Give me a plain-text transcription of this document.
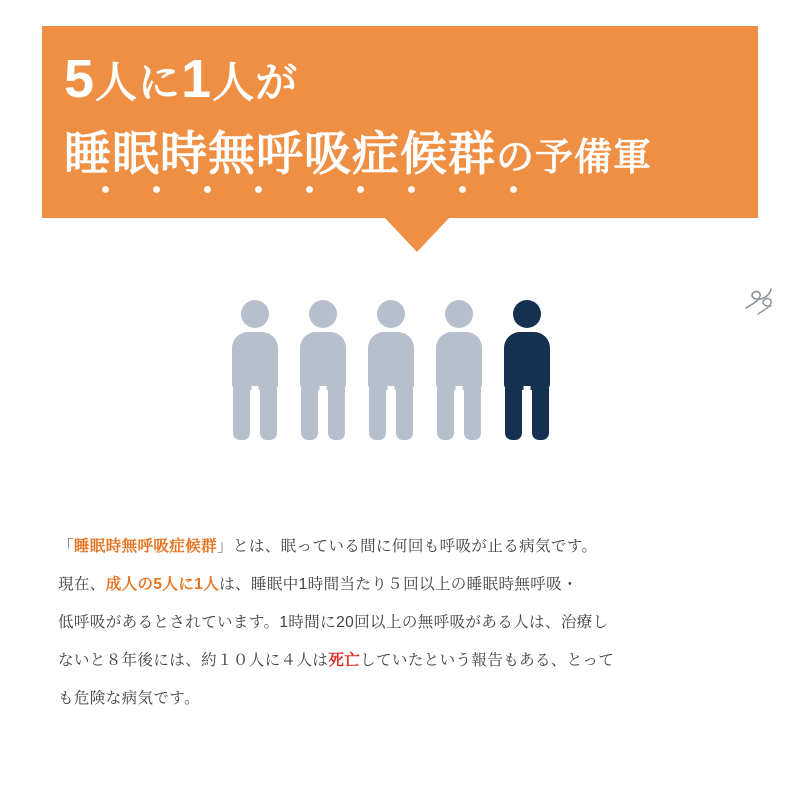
5人に1人が
睡眠時無呼吸症候群の予備軍

「睡眠時無呼吸症候群」とは、眠っている間に何回も呼吸が止る病気です。

現在、成人の5人に1人は、睡眠中1時間当たり５回以上の睡眠時無呼吸・

低呼吸があるとされています。1時間に20回以上の無呼吸がある人は、治療し

ないと８年後には、約１０人に４人は死亡していたという報告もある、とって

も危険な病気です。
